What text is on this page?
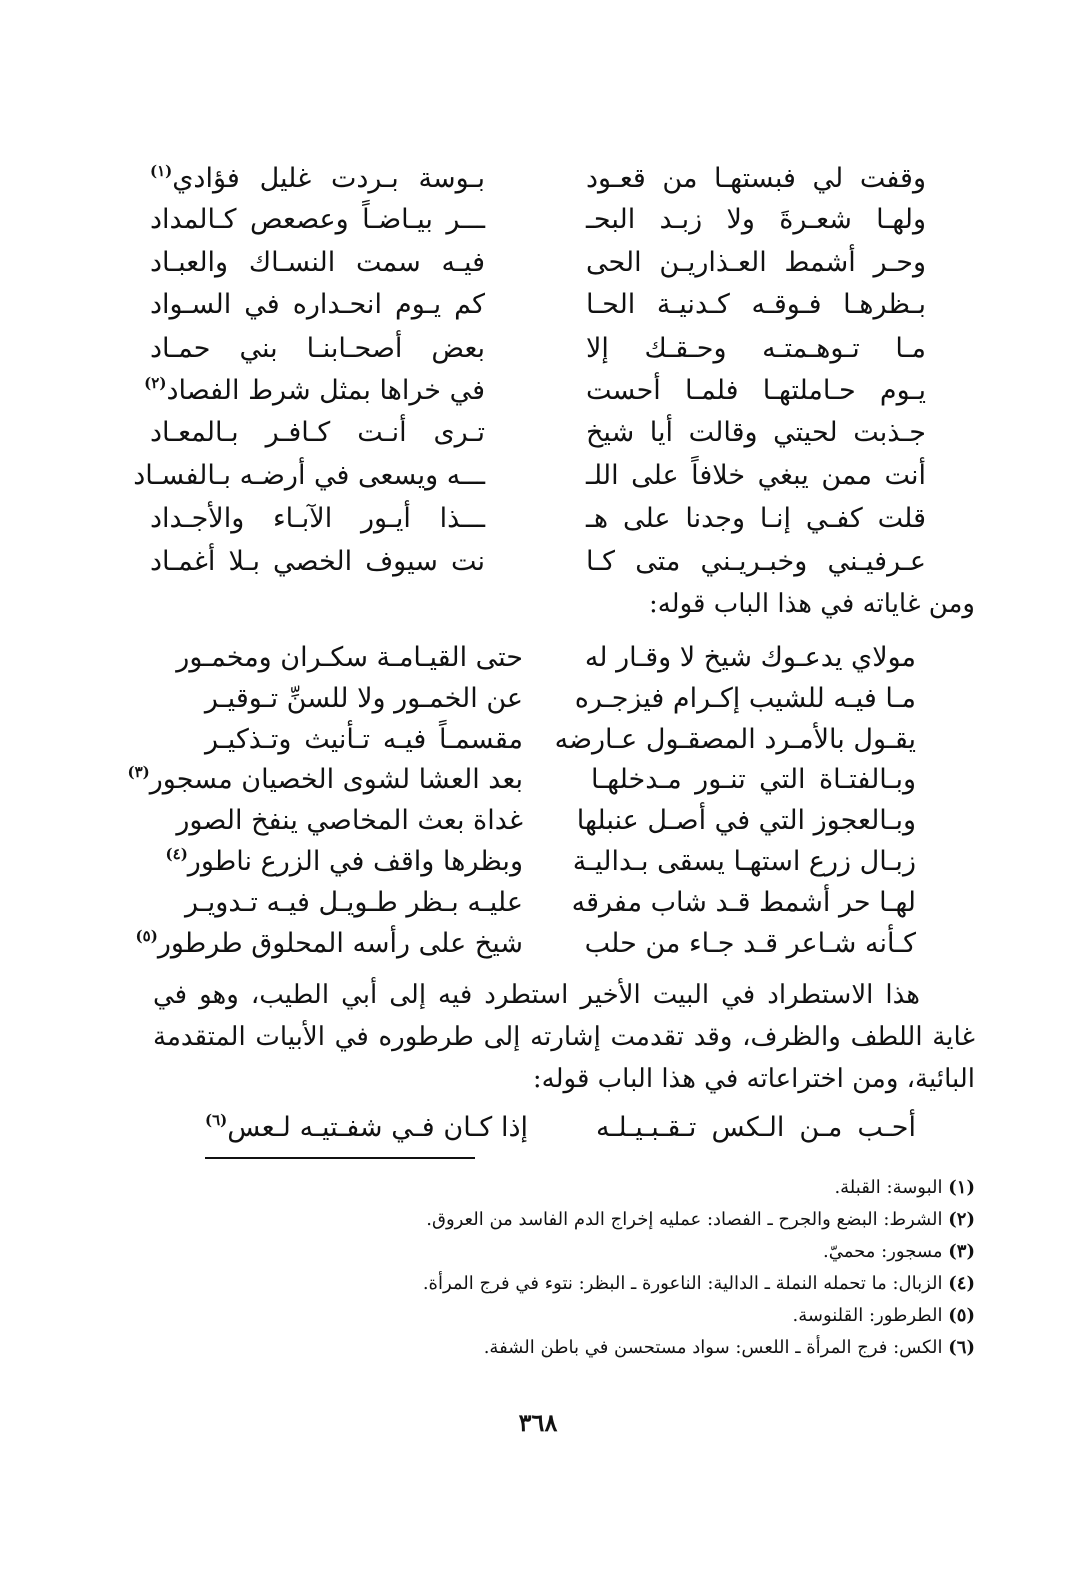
وقفت لي فبستهـا من قعـود
بـوسة بـردت غليل فؤادي$^{(١)}$
ولهـا شعـرةَ ولا زبـد البحـ
ـــر بيـاضـاً وعصعص كـالمداد
وحـر أشمط العـذاريـن الحى
فيـه سمت النسـاك والعبـاد
بـظرهـا فـوقـه كـدنيـة الحـا
كم يـوم انحـداره في السـواد
مـا تـوهـمتـه وحـقـك إلا
بعض أصحـابنـا بني حمـاد
يـوم حـاملتهـا فلمـا أحست
في خراها بمثل شرط الفصاد$^{(٢)}$
جـذبت لحيتي وقالت أيا شيخ
تـرى أنـت كـافـر بـالمعـاد
أنت ممن يبغي خلافاً على اللـ
ـــه ويسعى في أرضـه بـالفسـاد
قلت كفـي إنـا وجدنا على هـ
ـــذا أيـور الآبـاء والأجـداد
عـرفيـني وخبـريـني متى كـا
نت سيوف الخصي بـلا أغمـاد
ومن غاياته في هذا الباب قوله:
مولاي يدعـوك شيخ لا وقـار له
حتى القيـامـة سكـران ومخمـور
مـا فيـه للشيب إكـرام فيزجـره
عن الخمـور ولا للسنِّ تـوقيـر
يقـول بالأمـرد المصقـول عـارضه
مقسمـاً فيـه تـأنيث وتـذكيـر
وبـالفتـاة التي تنـور مـدخلهـا
بعد العشا لشوى الخصيان مسجور$^{(٣)}$
وبـالعجوز التي في أصـل عنبلها
غداة بعث المخاصي ينفخ الصور
زبـال زرع استهـا يسقى بـداليـة
وبظرها واقف في الزرع ناطور$^{(٤)}$
لهـا حر أشمط قـد شاب مفرقه
عليـه بـظر طـويـل فيـه تـدويـر
كـأنه شـاعر قـد جـاء من حلب
شيخ على رأسه المحلوق طرطور$^{(٥)}$
هذا الاستطراد في البيت الأخير استطرد فيه إلى أبي الطيب، وهو في غاية اللطف والظرف، وقد تقدمت إشارته إلى طرطوره في الأبيات المتقدمة البائية، ومن اختراعاته في هذا الباب قوله:
أحـب مـن الـكس تـقـبـيـلـه
إذا كـان فـي شفـتيـه لـعس$^{(٦)}$
(١) البوسة: القبلة.
(٢) الشرط: البضع والجرح ـ الفصاد: عمليه إخراج الدم الفاسد من العروق.
(٣) مسجور: محميّ.
(٤) الزبال: ما تحمله النملة ـ الدالية: الناعورة ـ البظر: نتوء في فرج المرأة.
(٥) الطرطور: القلنوسة.
(٦) الكس: فرج المرأة ـ اللعس: سواد مستحسن في باطن الشفة.
٣٦٨
